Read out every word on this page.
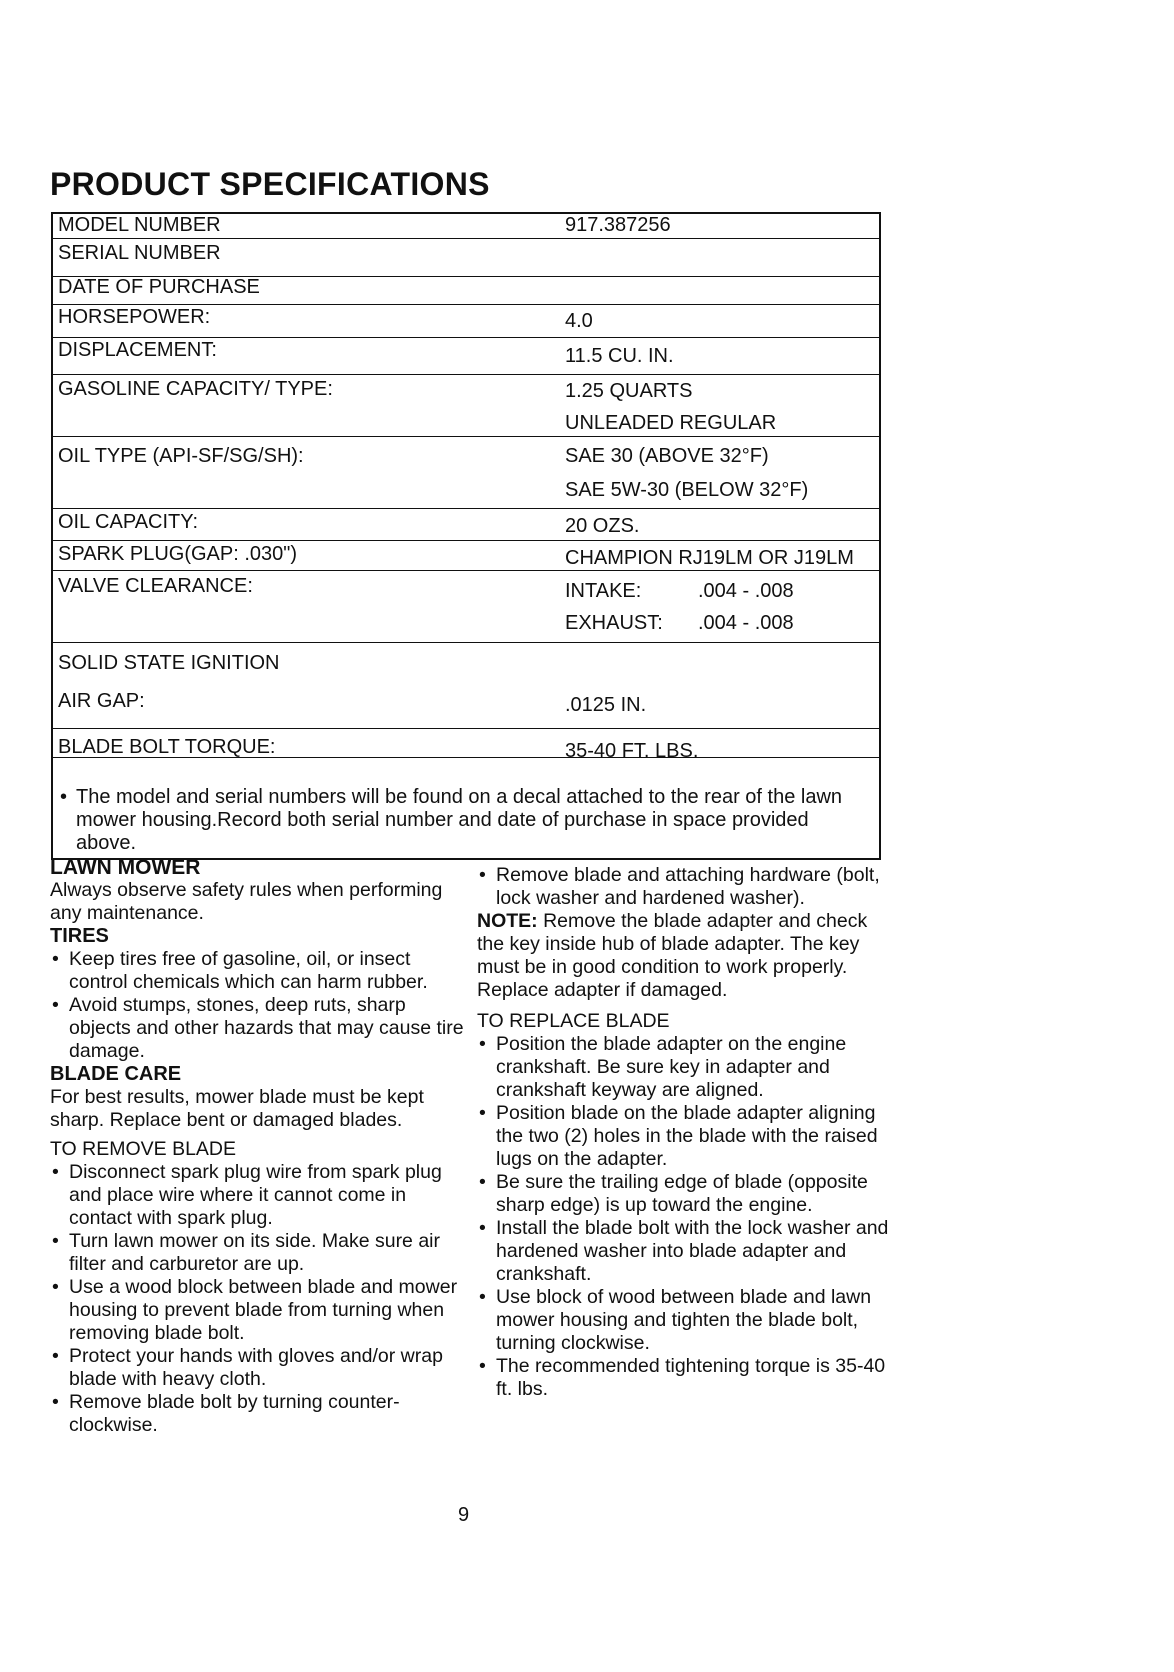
PRODUCT SPECIFICATIONS
MODEL NUMBER	917.387256
SERIAL NUMBER
DATE OF PURCHASE
HORSEPOWER:	4.0
DISPLACEMENT:	11.5 CU. IN.
GASOLINE CAPACITY/ TYPE:	1.25 QUARTS
UNLEADED REGULAR
OIL TYPE (API-SF/SG/SH):	SAE 30 (ABOVE 32°F)
SAE 5W-30 (BELOW 32°F)
OIL CAPACITY:	20 OZS.
SPARK PLUG(GAP: .030")	CHAMPION RJ19LM OR J19LM
VALVE CLEARANCE:	INTAKE:	.004 - .008
EXHAUST: .004 - .008
SOLID STATE IGNITION
AIR GAP:	.0125 IN.
BLADE BOLT TORQUE:	35-40 FT. LBS.
• The model and serial numbers will be found on a decal attached to the rear of the lawn mower housing.Record both serial number and date of purchase in space provided above.

LAWN MOWER

Always observe safety rules when performing any maintenance.

TIRES

• Keep tires free of gasoline, oil, or insect control chemicals which can harm rubber.
• Avoid stumps, stones, deep ruts, sharp objects and other hazards that may cause tire damage.

BLADE CARE

For best results, mower blade must be kept sharp. Replace bent or damaged blades.

TO REMOVE BLADE

• Disconnect spark plug wire from spark plug and place wire where it cannot come in contact with spark plug.
• Turn lawn mower on its side. Make sure air filter and carburetor are up.
• Use a wood block between blade and mower housing to prevent blade from turning when removing blade bolt.
• Protect your hands with gloves and/or wrap blade with heavy cloth.
• Remove blade bolt by turning counter- clockwise.
• Remove blade and attaching hardware (bolt, lock washer and hardened washer).

NOTE: Remove the blade adapter and check the key inside hub of blade adapter. The key must be in good condition to work properly. Replace adapter if damaged.

TO REPLACE BLADE

• Position the blade adapter on the engine crankshaft. Be sure key in adapter and crankshaft keyway are aligned.
• Position blade on the blade adapter aligning the two (2) holes in the blade with the raised lugs on the adapter.
• Be sure the trailing edge of blade (opposite sharp edge) is up toward the engine.
• Install the blade bolt with the lock washer and hardened washer into blade adapter and crankshaft.
• Use block of wood between blade and lawn mower housing and tighten the blade bolt, turning clockwise.
• The recommended tightening torque is 35-40 ft. lbs.
9
